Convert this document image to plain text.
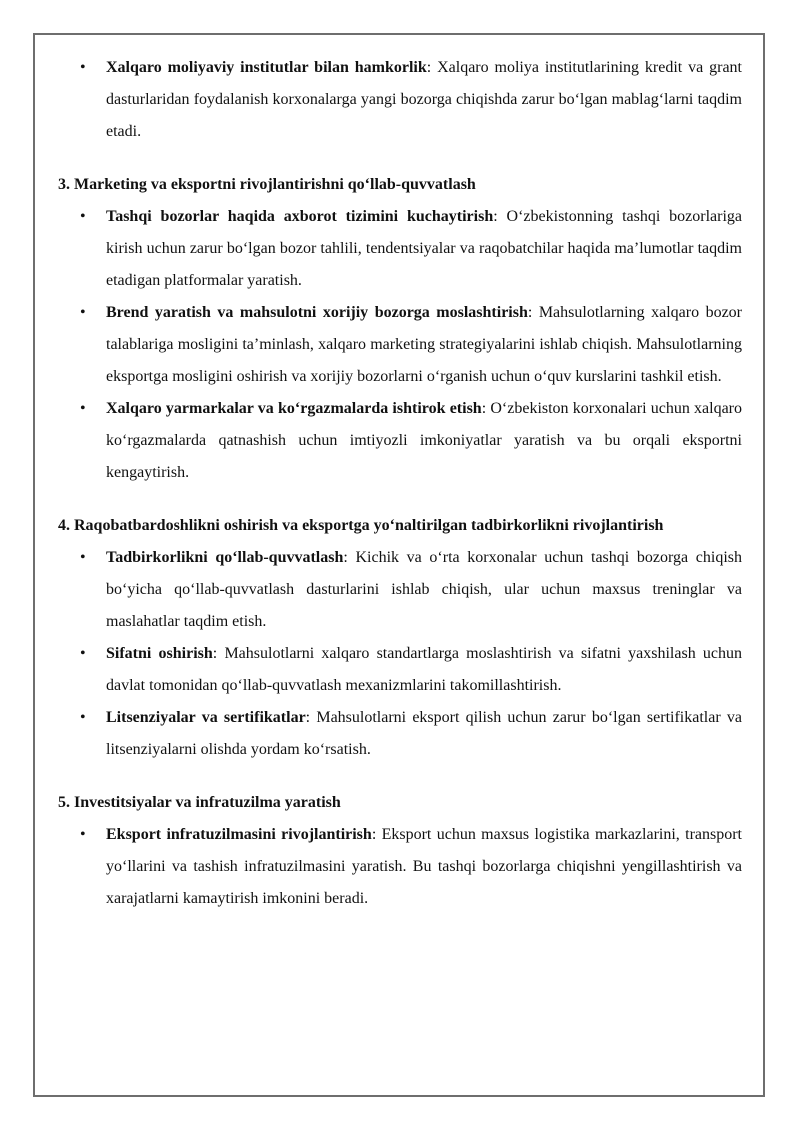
• Xalqaro moliyaviy institutlar bilan hamkorlik: Xalqaro moliya institutlarining kredit va grant dasturlaridan foydalanish korxonalarga yangi bozorga chiqishda zarur bo‘lgan mablag‘larni taqdim etadi.
3. Marketing va eksportni rivojlantirishni qo‘llab-quvvatlash
• Tashqi bozorlar haqida axborot tizimini kuchaytirish: O‘zbekistonning tashqi bozorlariga kirish uchun zarur bo‘lgan bozor tahlili, tendentsiyalar va raqobatchilar haqida ma’lumotlar taqdim etadigan platformalar yaratish.
• Brend yaratish va mahsulotni xorijiy bozorga moslashtirish: Mahsulotlarning xalqaro bozor talablariga mosligini ta’minlash, xalqaro marketing strategiyalarini ishlab chiqish. Mahsulotlarning eksportga mosligini oshirish va xorijiy bozorlarni o‘rganish uchun o‘quv kurslarini tashkil etish.
• Xalqaro yarmarkalar va ko‘rgazmalarda ishtirok etish: O‘zbekiston korxonalari uchun xalqaro ko‘rgazmalarda qatnashish uchun imtiyozli imkoniyatlar yaratish va bu orqali eksportni kengaytirish.
4. Raqobatbardoshlikni oshirish va eksportga yo‘naltirilgan tadbirkorlikni rivojlantirish
• Tadbirkorlikni qo‘llab-quvvatlash: Kichik va o‘rta korxonalar uchun tashqi bozorga chiqish bo‘yicha qo‘llab-quvvatlash dasturlarini ishlab chiqish, ular uchun maxsus treninglar va maslahatlar taqdim etish.
• Sifatni oshirish: Mahsulotlarni xalqaro standartlarga moslashtirish va sifatni yaxshilash uchun davlat tomonidan qo‘llab-quvvatlash mexanizmlarini takomillashtirish.
• Litsenziyalar va sertifikatlar: Mahsulotlarni eksport qilish uchun zarur bo‘lgan sertifikatlar va litsenziyalarni olishda yordam ko‘rsatish.
5. Investitsiyalar va infratuzilma yaratish
• Eksport infratuzilmasini rivojlantirish: Eksport uchun maxsus logistika markazlarini, transport yo‘llarini va tashish infratuzilmasini yaratish. Bu tashqi bozorlarga chiqishni yengillashtirish va xarajatlarni kamaytirish imkonini beradi.
